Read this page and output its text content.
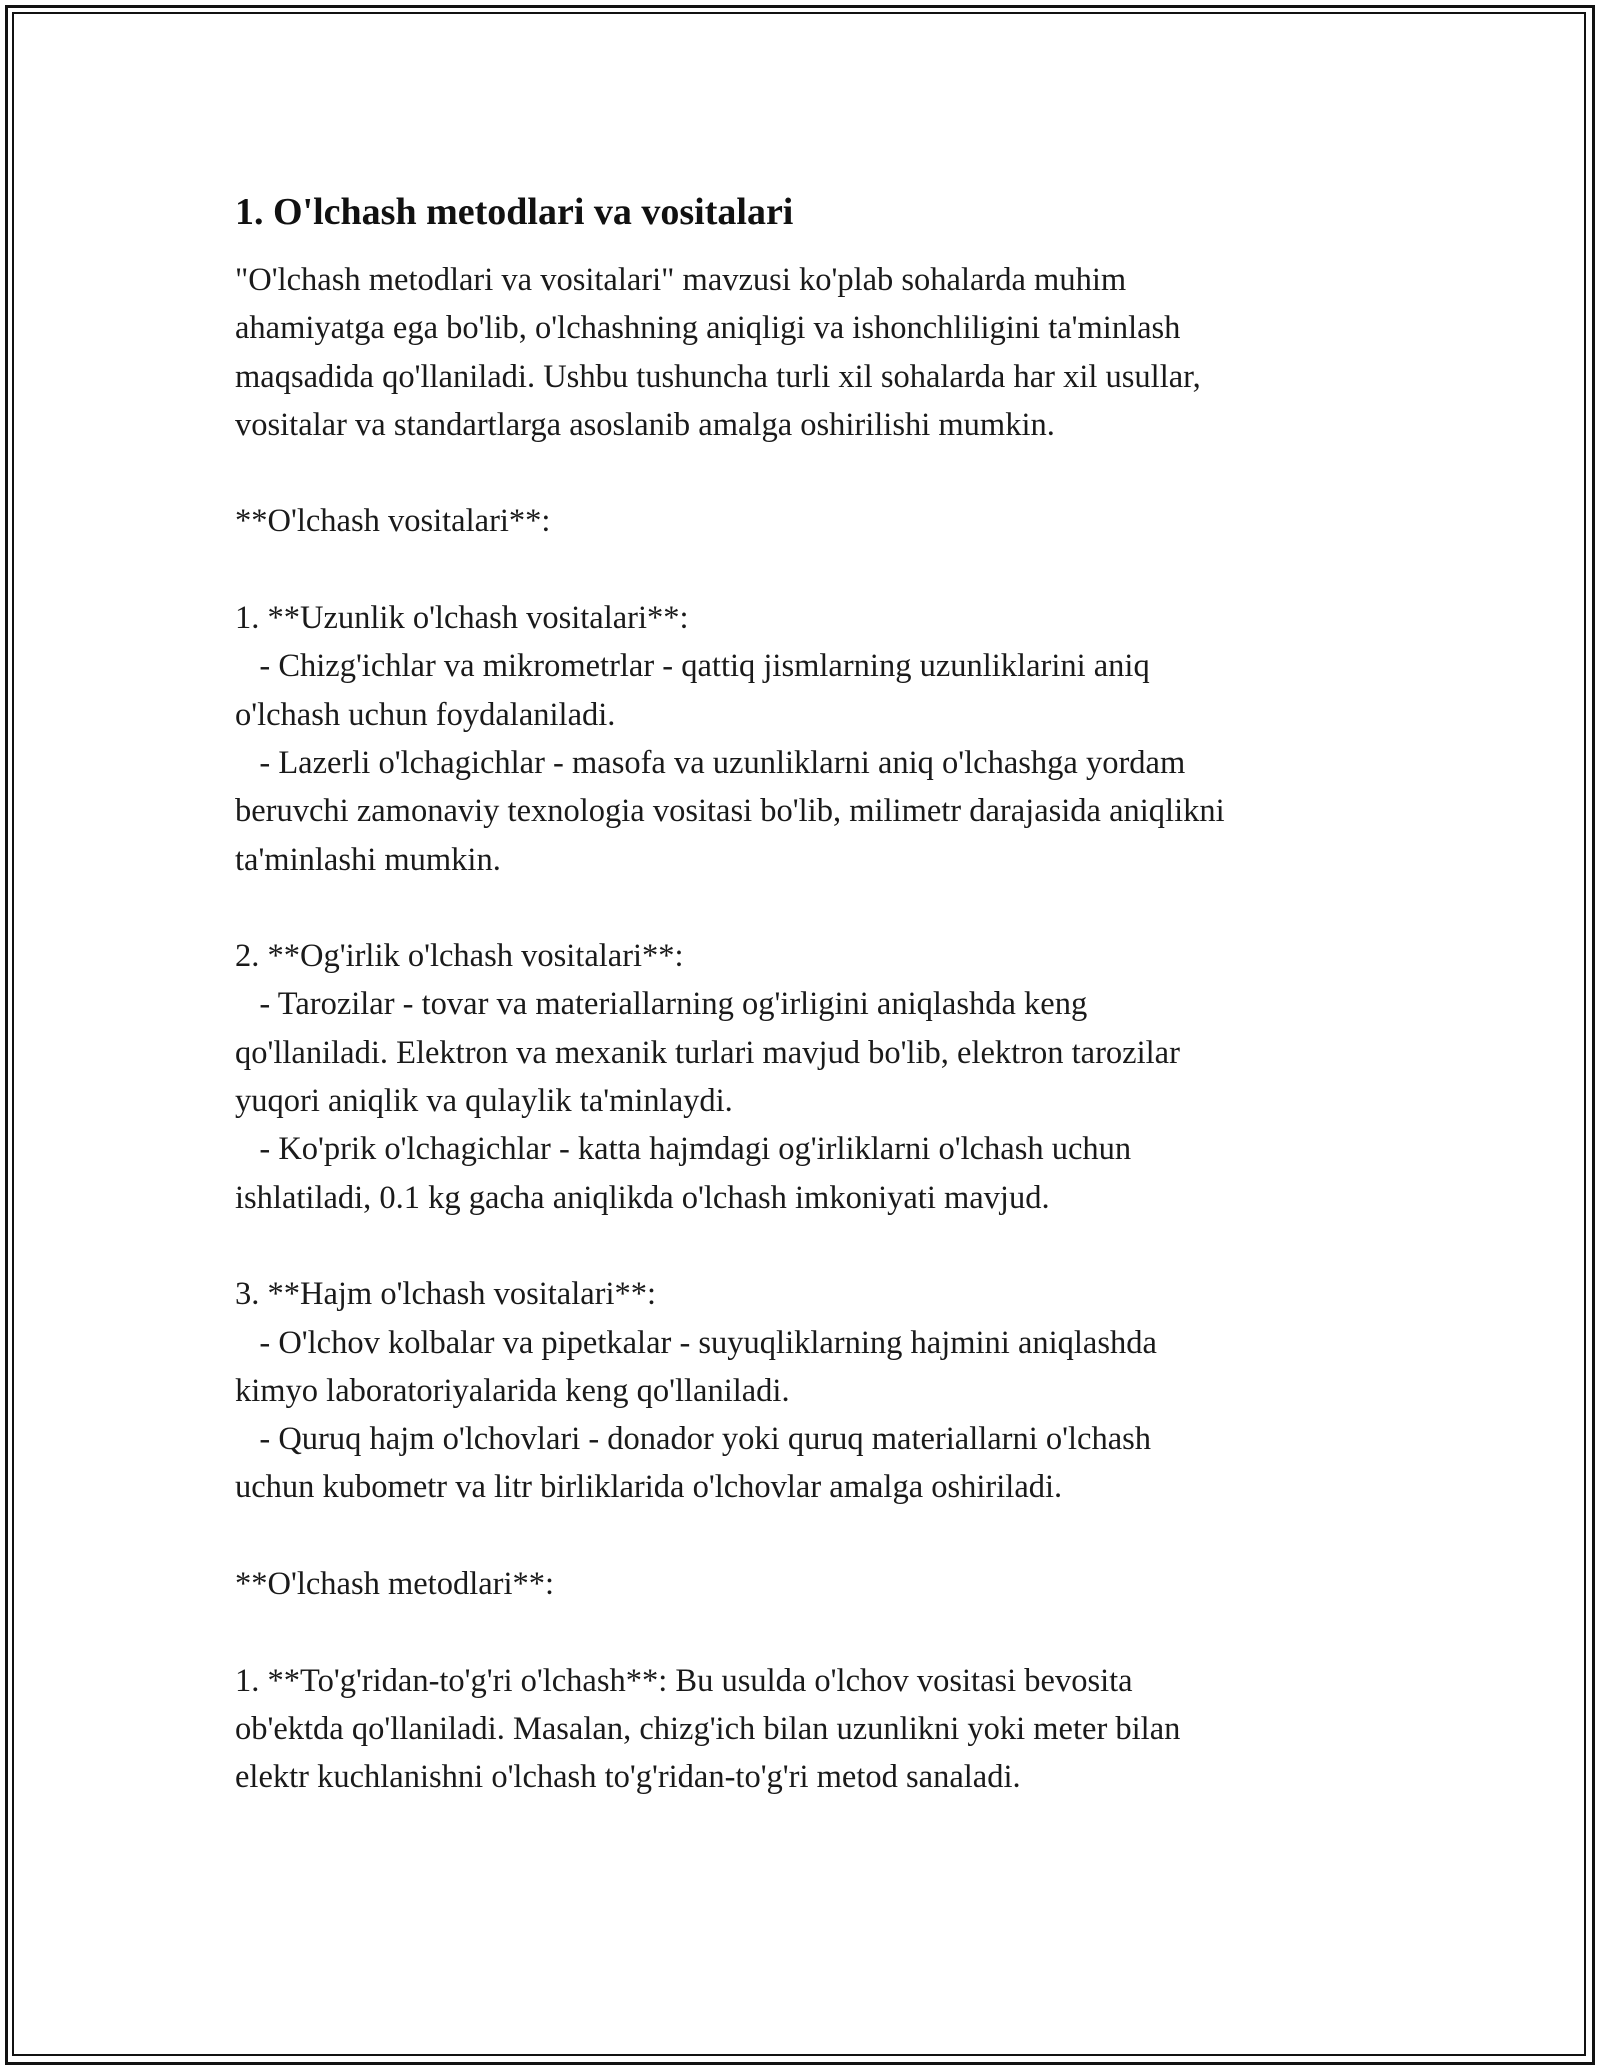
1. O'lchash metodlari va vositalari

"O'lchash metodlari va vositalari" mavzusi ko'plab sohalarda muhim
ahamiyatga ega bo'lib, o'lchashning aniqligi va ishonchliligini ta'minlash
maqsadida qo'llaniladi. Ushbu tushuncha turli xil sohalarda har xil usullar,
vositalar va standartlarga asoslanib amalga oshirilishi mumkin.

**O'lchash vositalari**:

1. **Uzunlik o'lchash vositalari**:
- Chizg'ichlar va mikrometrlar - qattiq jismlarning uzunliklarini aniq
o'lchash uchun foydalaniladi.
- Lazerli o'lchagichlar - masofa va uzunliklarni aniq o'lchashga yordam
beruvchi zamonaviy texnologia vositasi bo'lib, milimetr darajasida aniqlikni
ta'minlashi mumkin.

2. **Og'irlik o'lchash vositalari**:
- Tarozilar - tovar va materiallarning og'irligini aniqlashda keng
qo'llaniladi. Elektron va mexanik turlari mavjud bo'lib, elektron tarozilar
yuqori aniqlik va qulaylik ta'minlaydi.
- Ko'prik o'lchagichlar - katta hajmdagi og'irliklarni o'lchash uchun
ishlatiladi, 0.1 kg gacha aniqlikda o'lchash imkoniyati mavjud.

3. **Hajm o'lchash vositalari**:
- O'lchov kolbalar va pipetkalar - suyuqliklarning hajmini aniqlashda
kimyo laboratoriyalarida keng qo'llaniladi.
- Quruq hajm o'lchovlari - donador yoki quruq materiallarni o'lchash
uchun kubometr va litr birliklarida o'lchovlar amalga oshiriladi.

**O'lchash metodlari**:

1. **To'g'ridan-to'g'ri o'lchash**: Bu usulda o'lchov vositasi bevosita
ob'ektda qo'llaniladi. Masalan, chizg'ich bilan uzunlikni yoki meter bilan
elektr kuchlanishni o'lchash to'g'ridan-to'g'ri metod sanaladi.
